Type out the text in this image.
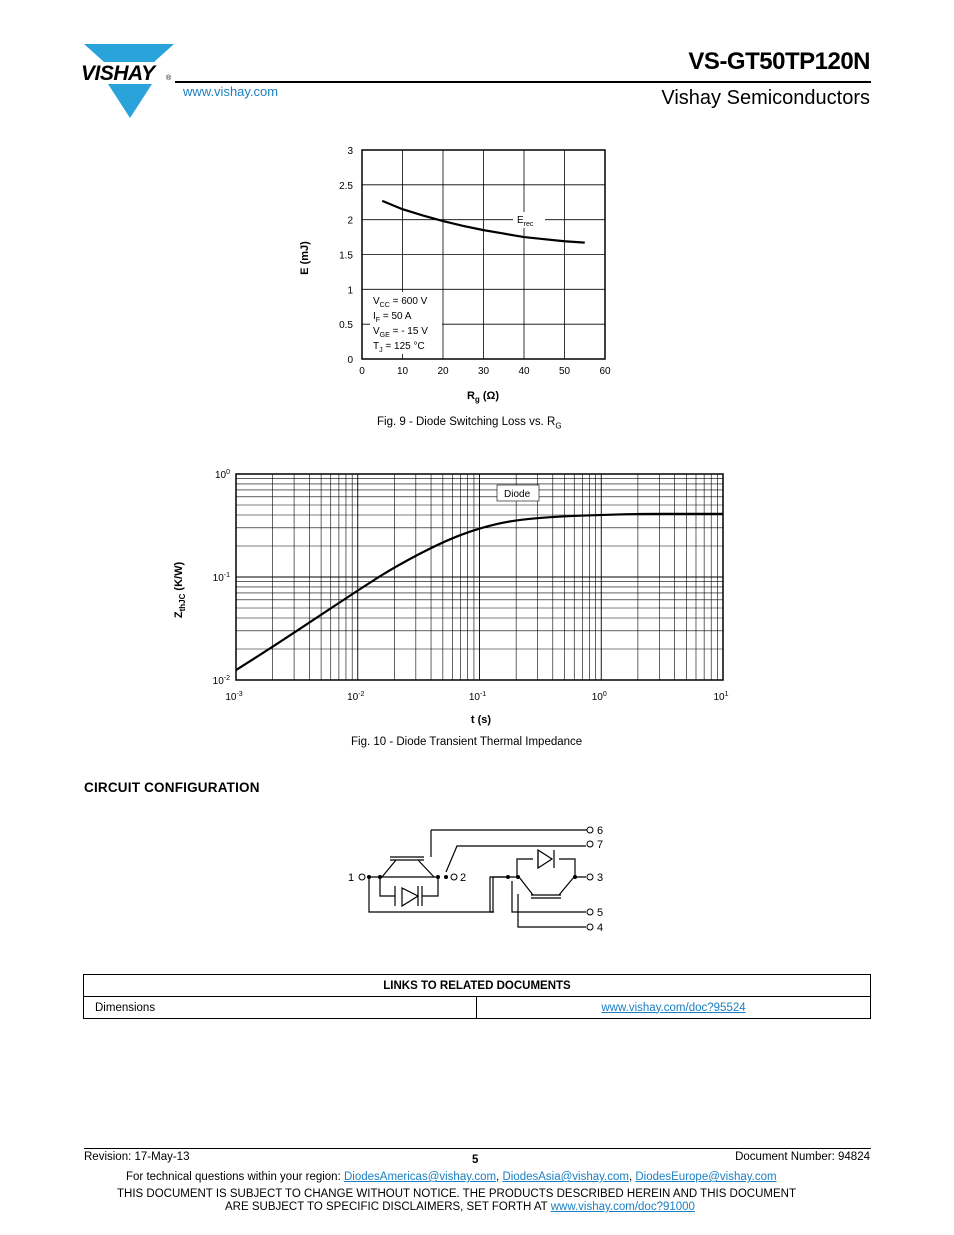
VISHAY	®
VS-GT50TP120N
www.vishay.com	Vishay Semiconductors
0	10	20	30	40	50	60
0
0.5
1
1.5
2
2.5
3
$E_{rec}$
$V_{CC} = 600$ V
$I_F = 50$ A
$V_{GE}$ = - 15 V
$T_J = 125$ °C
E (mJ)
$R_g$ (Ω)
Fig. 9 - Diode Switching Loss vs. $R_G$
$10^{-3}$	$10^{-2}$	$10^{-1}$	$10^0$	$10^1$
$10^{-2}$
$10^{-1}$
$10^0$
Diode
$Z_{thJC}$ (K/W)
t (s)
Fig. 10 - Diode Transient Thermal Impedance
CIRCUIT CONFIGURATION
1	2	3
4
5
6
7
LINKS TO RELATED DOCUMENTS
Dimensions	www.vishay.com/doc?95524
Revision: 17-May-13	5	Document Number: 94824
For technical questions within your region: DiodesAmericas@vishay.com, DiodesAsia@vishay.com, DiodesEurope@vishay.com
THIS DOCUMENT IS SUBJECT TO CHANGE WITHOUT NOTICE. THE PRODUCTS DESCRIBED HEREIN AND THIS DOCUMENT
ARE SUBJECT TO SPECIFIC DISCLAIMERS, SET FORTH AT www.vishay.com/doc?91000
